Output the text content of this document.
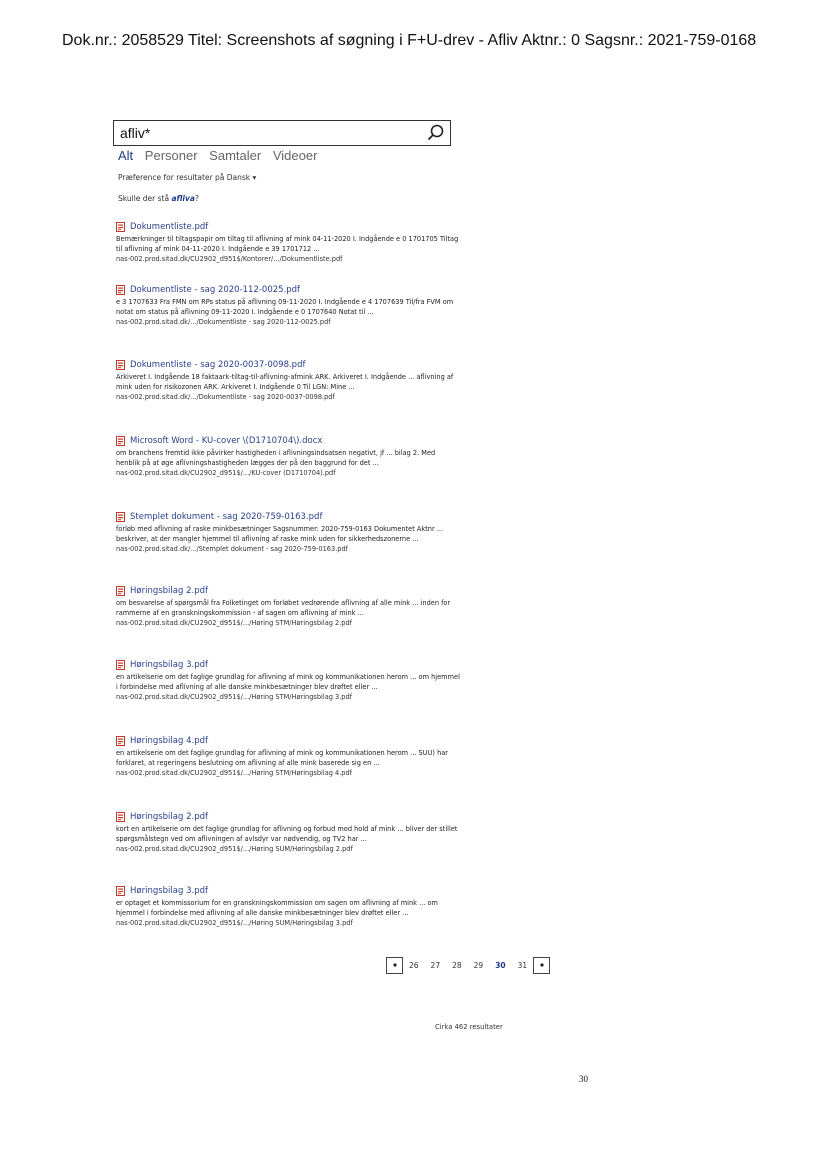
Dok.nr.: 2058529 Titel: Screenshots af søgning i F+U-drev - Afliv Aktnr.: 0 Sagsnr.: 2021-759-0168
afliv*
Alt Personer Samtaler Videoer
Præference for resultater på Dansk ▾
Skulle der stå afliva?
Dokumentliste.pdf
Bemærkninger til tiltagspapir om tiltag til aflivning af mink 04-11-2020 I. Indgående e 0 1701705 Tiltag til aflivning af mink 04-11-2020 I. Indgående e 39 1701712 ...
nas-002.prod.sitad.dk/CU2902_d951$/Kontorer/.../Dokumentliste.pdf
Dokumentliste - sag 2020-112-0025.pdf
e 3 1707633 Fra FMN om RPs status på aflivning 09-11-2020 I. Indgående e 4 1707639 Til/fra FVM om notat om status på aflivning 09-11-2020 I. Indgående e 0 1707640 Notat til ...
nas-002.prod.sitad.dk/.../Dokumentliste - sag 2020-112-0025.pdf
Dokumentliste - sag 2020-0037-0098.pdf
Arkiveret I. Indgående 18 faktaark-tiltag-til-aflivning-afmink ARK. Arkiveret I. Indgående ... aflivning af mink uden for risikozonen ARK. Arkiveret I. Indgående 0 Til LGN: Mine ...
nas-002.prod.sitad.dk/.../Dokumentliste - sag 2020-0037-0098.pdf
Microsoft Word - KU-cover \(D1710704\).docx
om branchens fremtid ikke påvirker hastigheden i aflivningsindsatsen negativt, jf ... bilag 2. Med henblik på at øge aflivningshastigheden lægges der på den baggrund for det ...
nas-002.prod.sitad.dk/CU2902_d951$/.../KU-cover (D1710704).pdf
Stemplet dokument - sag 2020-759-0163.pdf
forløb med aflivning af raske minkbesætninger Sagsnummer: 2020-759-0163 Dokumentet Aktnr ... beskriver, at der mangler hjemmel til aflivning af raske mink uden for sikkerhedszonerne ...
nas-002.prod.sitad.dk/.../Stemplet dokument - sag 2020-759-0163.pdf
Høringsbilag 2.pdf
om besvarelse af spørgsmål fra Folketinget om forløbet vedrørende aflivning af alle mink ... inden for rammerne af en granskningskommission - af sagen om aflivning af mink ...
nas-002.prod.sitad.dk/CU2902_d951$/.../Høring STM/Høringsbilag 2.pdf
Høringsbilag 3.pdf
en artikelserie om det faglige grundlag for aflivning af mink og kommunikationen herom ... om hjemmel i forbindelse med aflivning af alle danske minkbesætninger blev drøftet eller ...
nas-002.prod.sitad.dk/CU2902_d951$/.../Høring STM/Høringsbilag 3.pdf
Høringsbilag 4.pdf
en artikelserie om det faglige grundlag for aflivning af mink og kommunikationen herom ... SUU) har forklaret, at regeringens beslutning om aflivning af alle mink baserede sig en ...
nas-002.prod.sitad.dk/CU2902_d951$/.../Høring STM/Høringsbilag 4.pdf
Høringsbilag 2.pdf
kort en artikelserie om det faglige grundlag for aflivning og forbud mod hold af mink ... bliver der stillet spørgsmålstegn ved om aflivningen af avlsdyr var nødvendig, og TV2 har ...
nas-002.prod.sitad.dk/CU2902_d951$/.../Høring SUM/Høringsbilag 2.pdf
Høringsbilag 3.pdf
er optaget et kommissorium for en granskningskommission om sagen om aflivning af mink ... om hjemmel i forbindelse med aflivning af alle danske minkbesætninger blev drøftet eller ...
nas-002.prod.sitad.dk/CU2902_d951$/.../Høring SUM/Høringsbilag 3.pdf
26 27 28 29 30 31
Cirka 462 resultater
30
